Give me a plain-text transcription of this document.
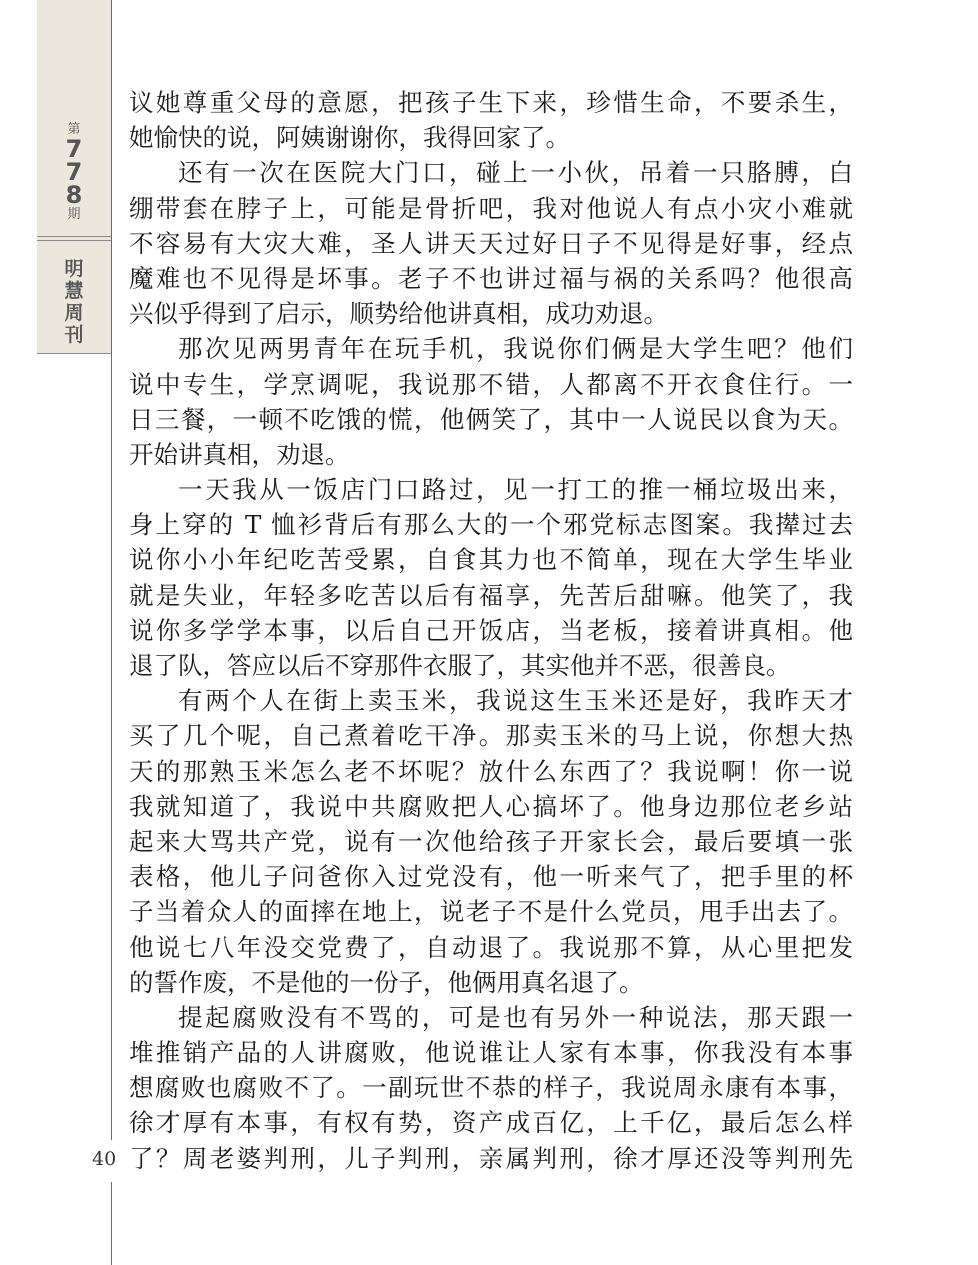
第
7
7
8
期
明
慧
周
刊
40
议她尊重父母的意愿，把孩子生下来，珍惜生命，不要杀生，
她愉快的说，阿姨谢谢你，我得回家了。
还有一次在医院大门口，碰上一小伙，吊着一只胳膊，白
绷带套在脖子上，可能是骨折吧，我对他说人有点小灾小难就
不容易有大灾大难，圣人讲天天过好日子不见得是好事，经点
魔难也不见得是坏事。老子不也讲过福与祸的关系吗？他很高
兴似乎得到了启示，顺势给他讲真相，成功劝退。
那次见两男青年在玩手机，我说你们俩是大学生吧？他们
说中专生，学烹调呢，我说那不错，人都离不开衣食住行。一
日三餐，一顿不吃饿的慌，他俩笑了，其中一人说民以食为天。
开始讲真相，劝退。
一天我从一饭店门口路过，见一打工的推一桶垃圾出来，
身上穿的 T 恤衫背后有那么大的一个邪党标志图案。我撵过去
说你小小年纪吃苦受累，自食其力也不简单，现在大学生毕业
就是失业，年轻多吃苦以后有福享，先苦后甜嘛。他笑了，我
说你多学学本事，以后自己开饭店，当老板，接着讲真相。他
退了队，答应以后不穿那件衣服了，其实他并不恶，很善良。
有两个人在街上卖玉米，我说这生玉米还是好，我昨天才
买了几个呢，自己煮着吃干净。那卖玉米的马上说，你想大热
天的那熟玉米怎么老不坏呢？放什么东西了？我说啊！你一说
我就知道了，我说中共腐败把人心搞坏了。他身边那位老乡站
起来大骂共产党，说有一次他给孩子开家长会，最后要填一张
表格，他儿子问爸你入过党没有，他一听来气了，把手里的杯
子当着众人的面摔在地上，说老子不是什么党员，甩手出去了。
他说七八年没交党费了，自动退了。我说那不算，从心里把发
的誓作废，不是他的一份子，他俩用真名退了。
提起腐败没有不骂的，可是也有另外一种说法，那天跟一
堆推销产品的人讲腐败，他说谁让人家有本事，你我没有本事
想腐败也腐败不了。一副玩世不恭的样子，我说周永康有本事，
徐才厚有本事，有权有势，资产成百亿，上千亿，最后怎么样
了？周老婆判刑，儿子判刑，亲属判刑，徐才厚还没等判刑先
